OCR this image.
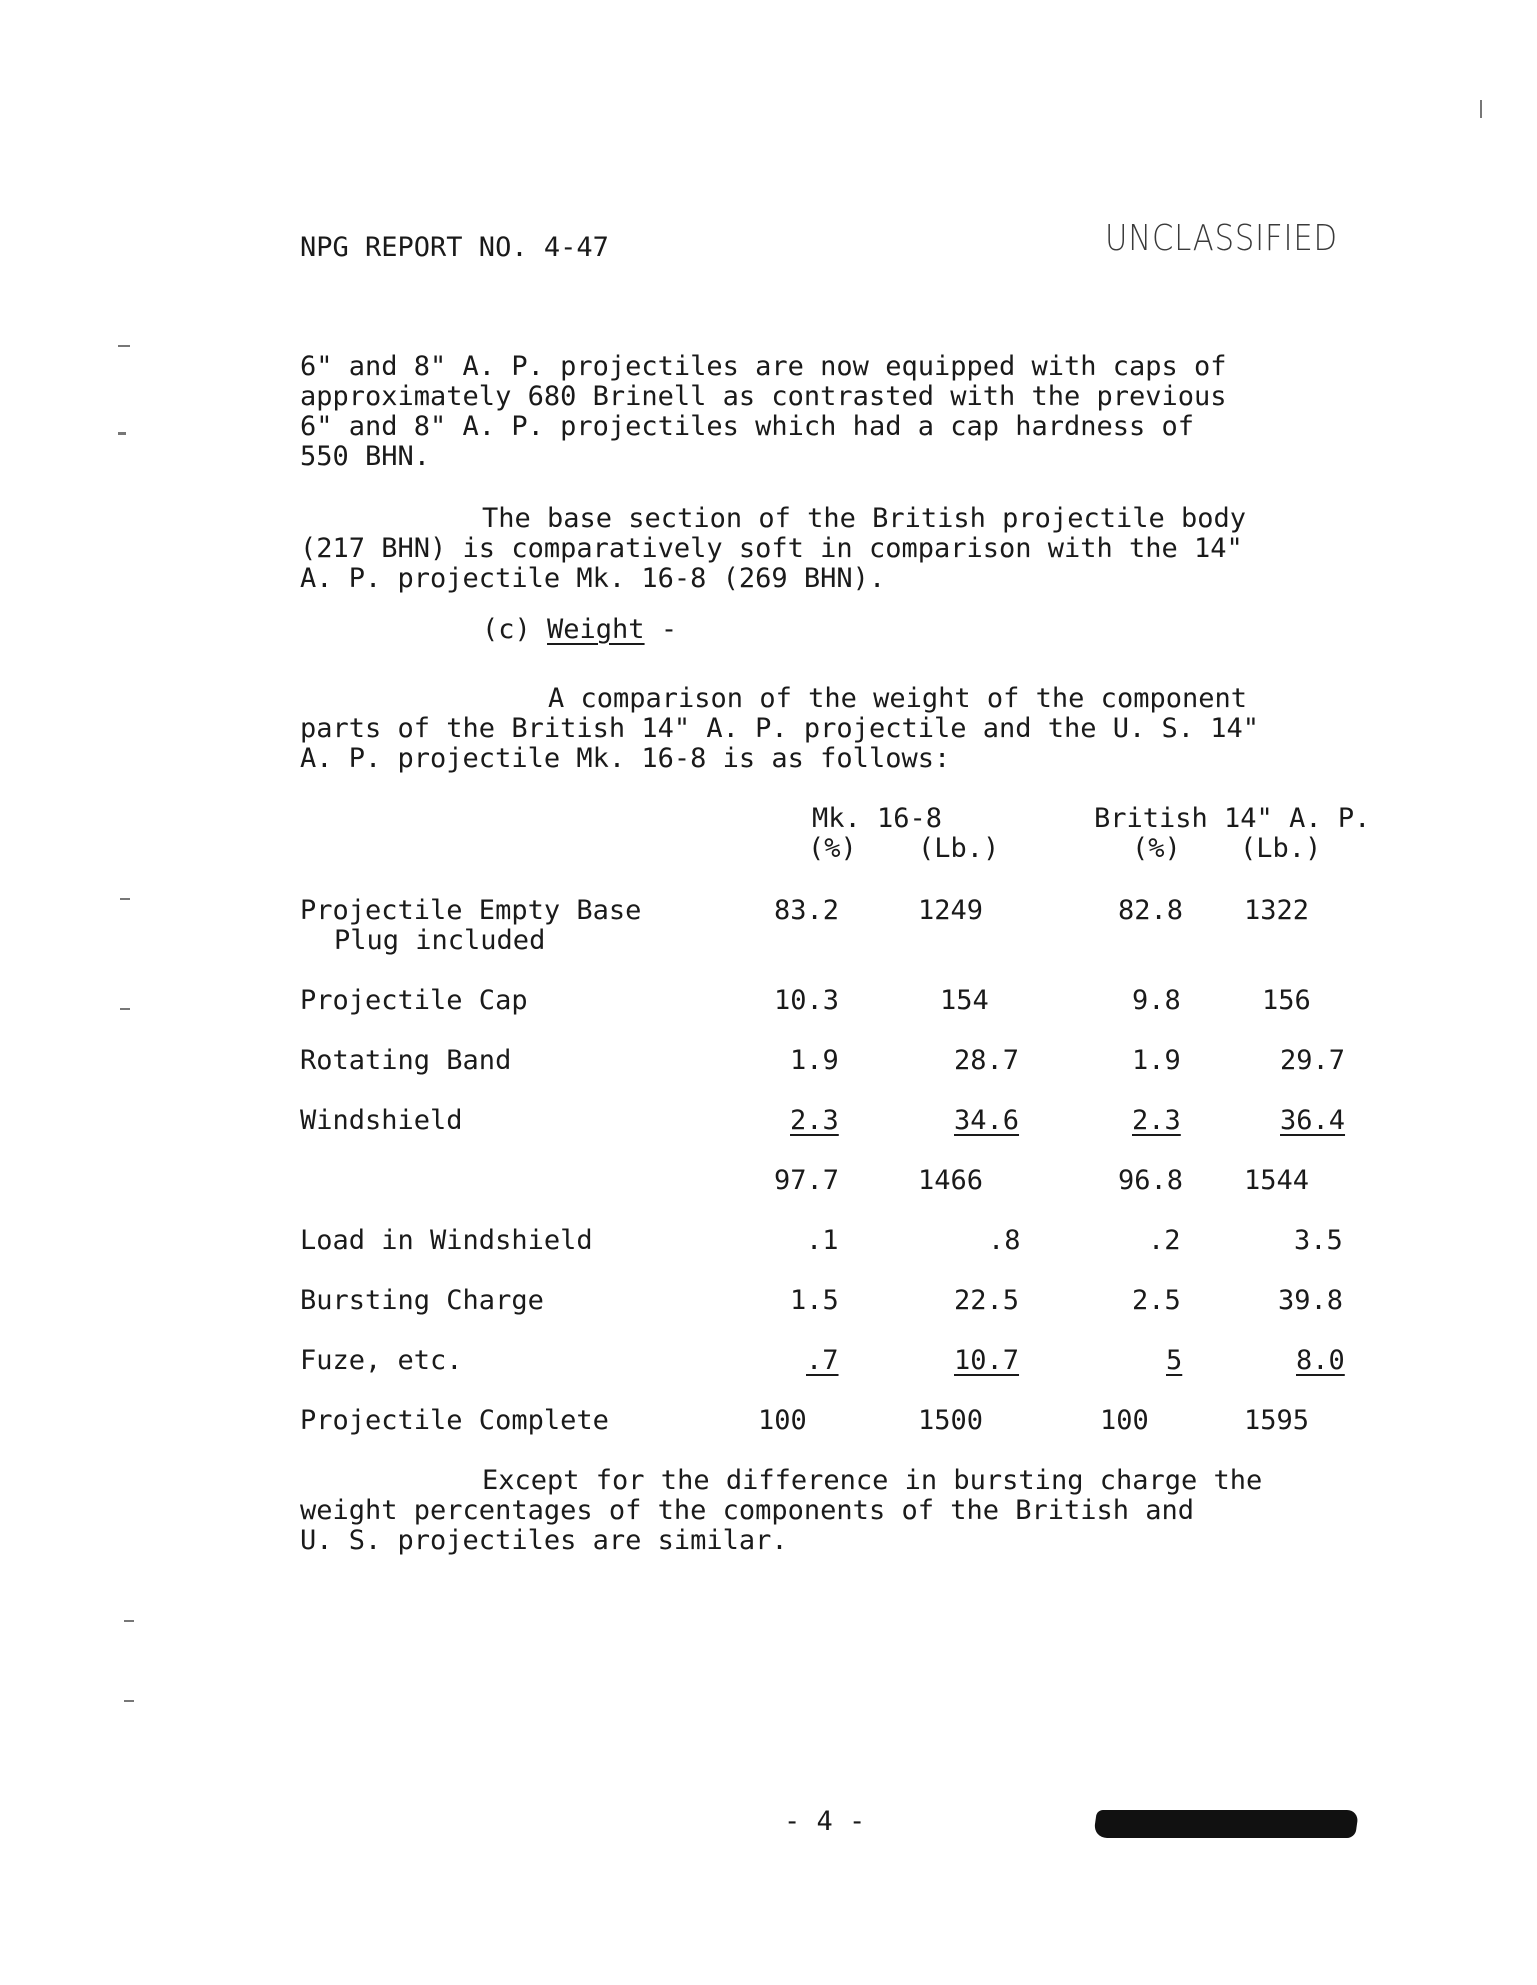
NPG REPORT NO. 4-47	UNCLASSIFIED
6" and 8" A. P. projectiles are now equipped with caps of
approximately 680 Brinell as contrasted with the previous
6" and 8" A. P. projectiles which had a cap hardness of
550 BHN.
The base section of the British projectile body
(217 BHN) is comparatively soft in comparison with the 14"
A. P. projectile Mk. 16-8 (269 BHN).
(c) Weight -
A comparison of the weight of the component
parts of the British 14" A. P. projectile and the U. S. 14"
A. P. projectile Mk. 16-8 is as follows:
Mk. 16-8	British 14" A. P.
(%) (Lb.)	(%) (Lb.)
Projectile Empty Base
Plug included
83.2	1249	82.8 1322
Projectile Cap	10.3	154	9.8	156
Rotating Band	1.9	28.7	1.9	29.7
Windshield	2.3	34.6	2.3	36.4
97.7	1466	96.8 1544
Load in Windshield	.1	.8	.2	3.5
Bursting Charge	1.5	22.5	2.5	39.8
Fuze, etc.	.7	10.7	5	8.0
Projectile Complete	100	1500	100	1595
Except for the difference in bursting charge the
weight percentages of the components of the British and
U. S. projectiles are similar.
- 4 -
